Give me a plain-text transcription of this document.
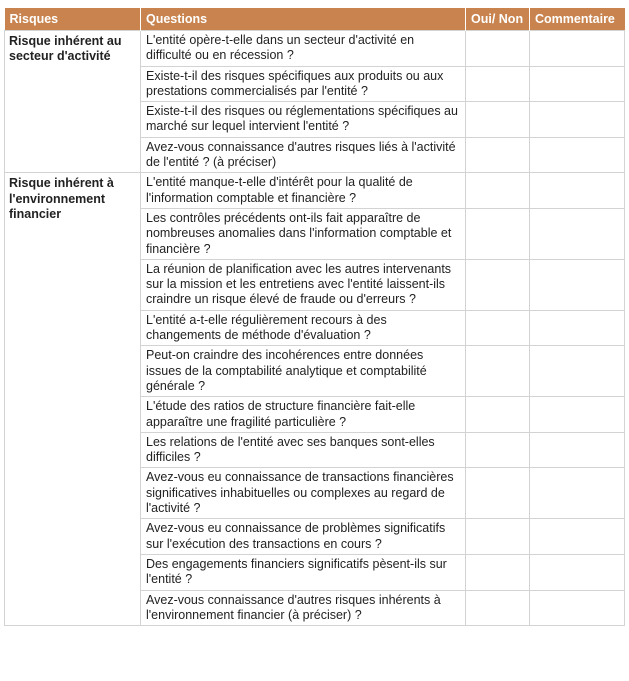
Risques	Questions	Oui/ Non	Commentaire
Risque inhérent au secteur d'activité	L'entité opère-t-elle dans un secteur d'activité en difficulté ou en récession ?		
	Existe-t-il des risques spécifiques aux produits ou aux prestations commercialisés par l'entité ?		
	Existe-t-il des risques ou réglementations spécifiques au marché sur lequel intervient l'entité ?		
	Avez-vous connaissance d'autres risques liés à l'activité de l'entité ? (à préciser)		
Risque inhérent à l'environnement financier	L'entité manque-t-elle d'intérêt pour la qualité de l'information comptable et financière ?		
	Les contrôles précédents ont-ils fait apparaître de nombreuses anomalies dans l'information comptable et financière ?		
	La réunion de planification avec les autres intervenants sur la mission et les entretiens avec l'entité laissent-ils craindre un risque élevé de fraude ou d'erreurs ?		
	L'entité a-t-elle régulièrement recours à des changements de méthode d'évaluation ?		
	Peut-on craindre des incohérences entre données issues de la comptabilité analytique et comptabilité générale ?		
	L'étude des ratios de structure financière fait-elle apparaître une fragilité particulière ?		
	Les relations de l'entité avec ses banques sont-elles difficiles ?		
	Avez-vous eu connaissance de transactions financières significatives inhabituelles ou complexes au regard de l'activité ?		
	Avez-vous eu connaissance de problèmes significatifs sur l'exécution des transactions en cours ?		
	Des engagements financiers significatifs pèsent-ils sur l'entité ?		
	Avez-vous connaissance d'autres risques inhérents à l'environnement financier (à préciser) ?		
